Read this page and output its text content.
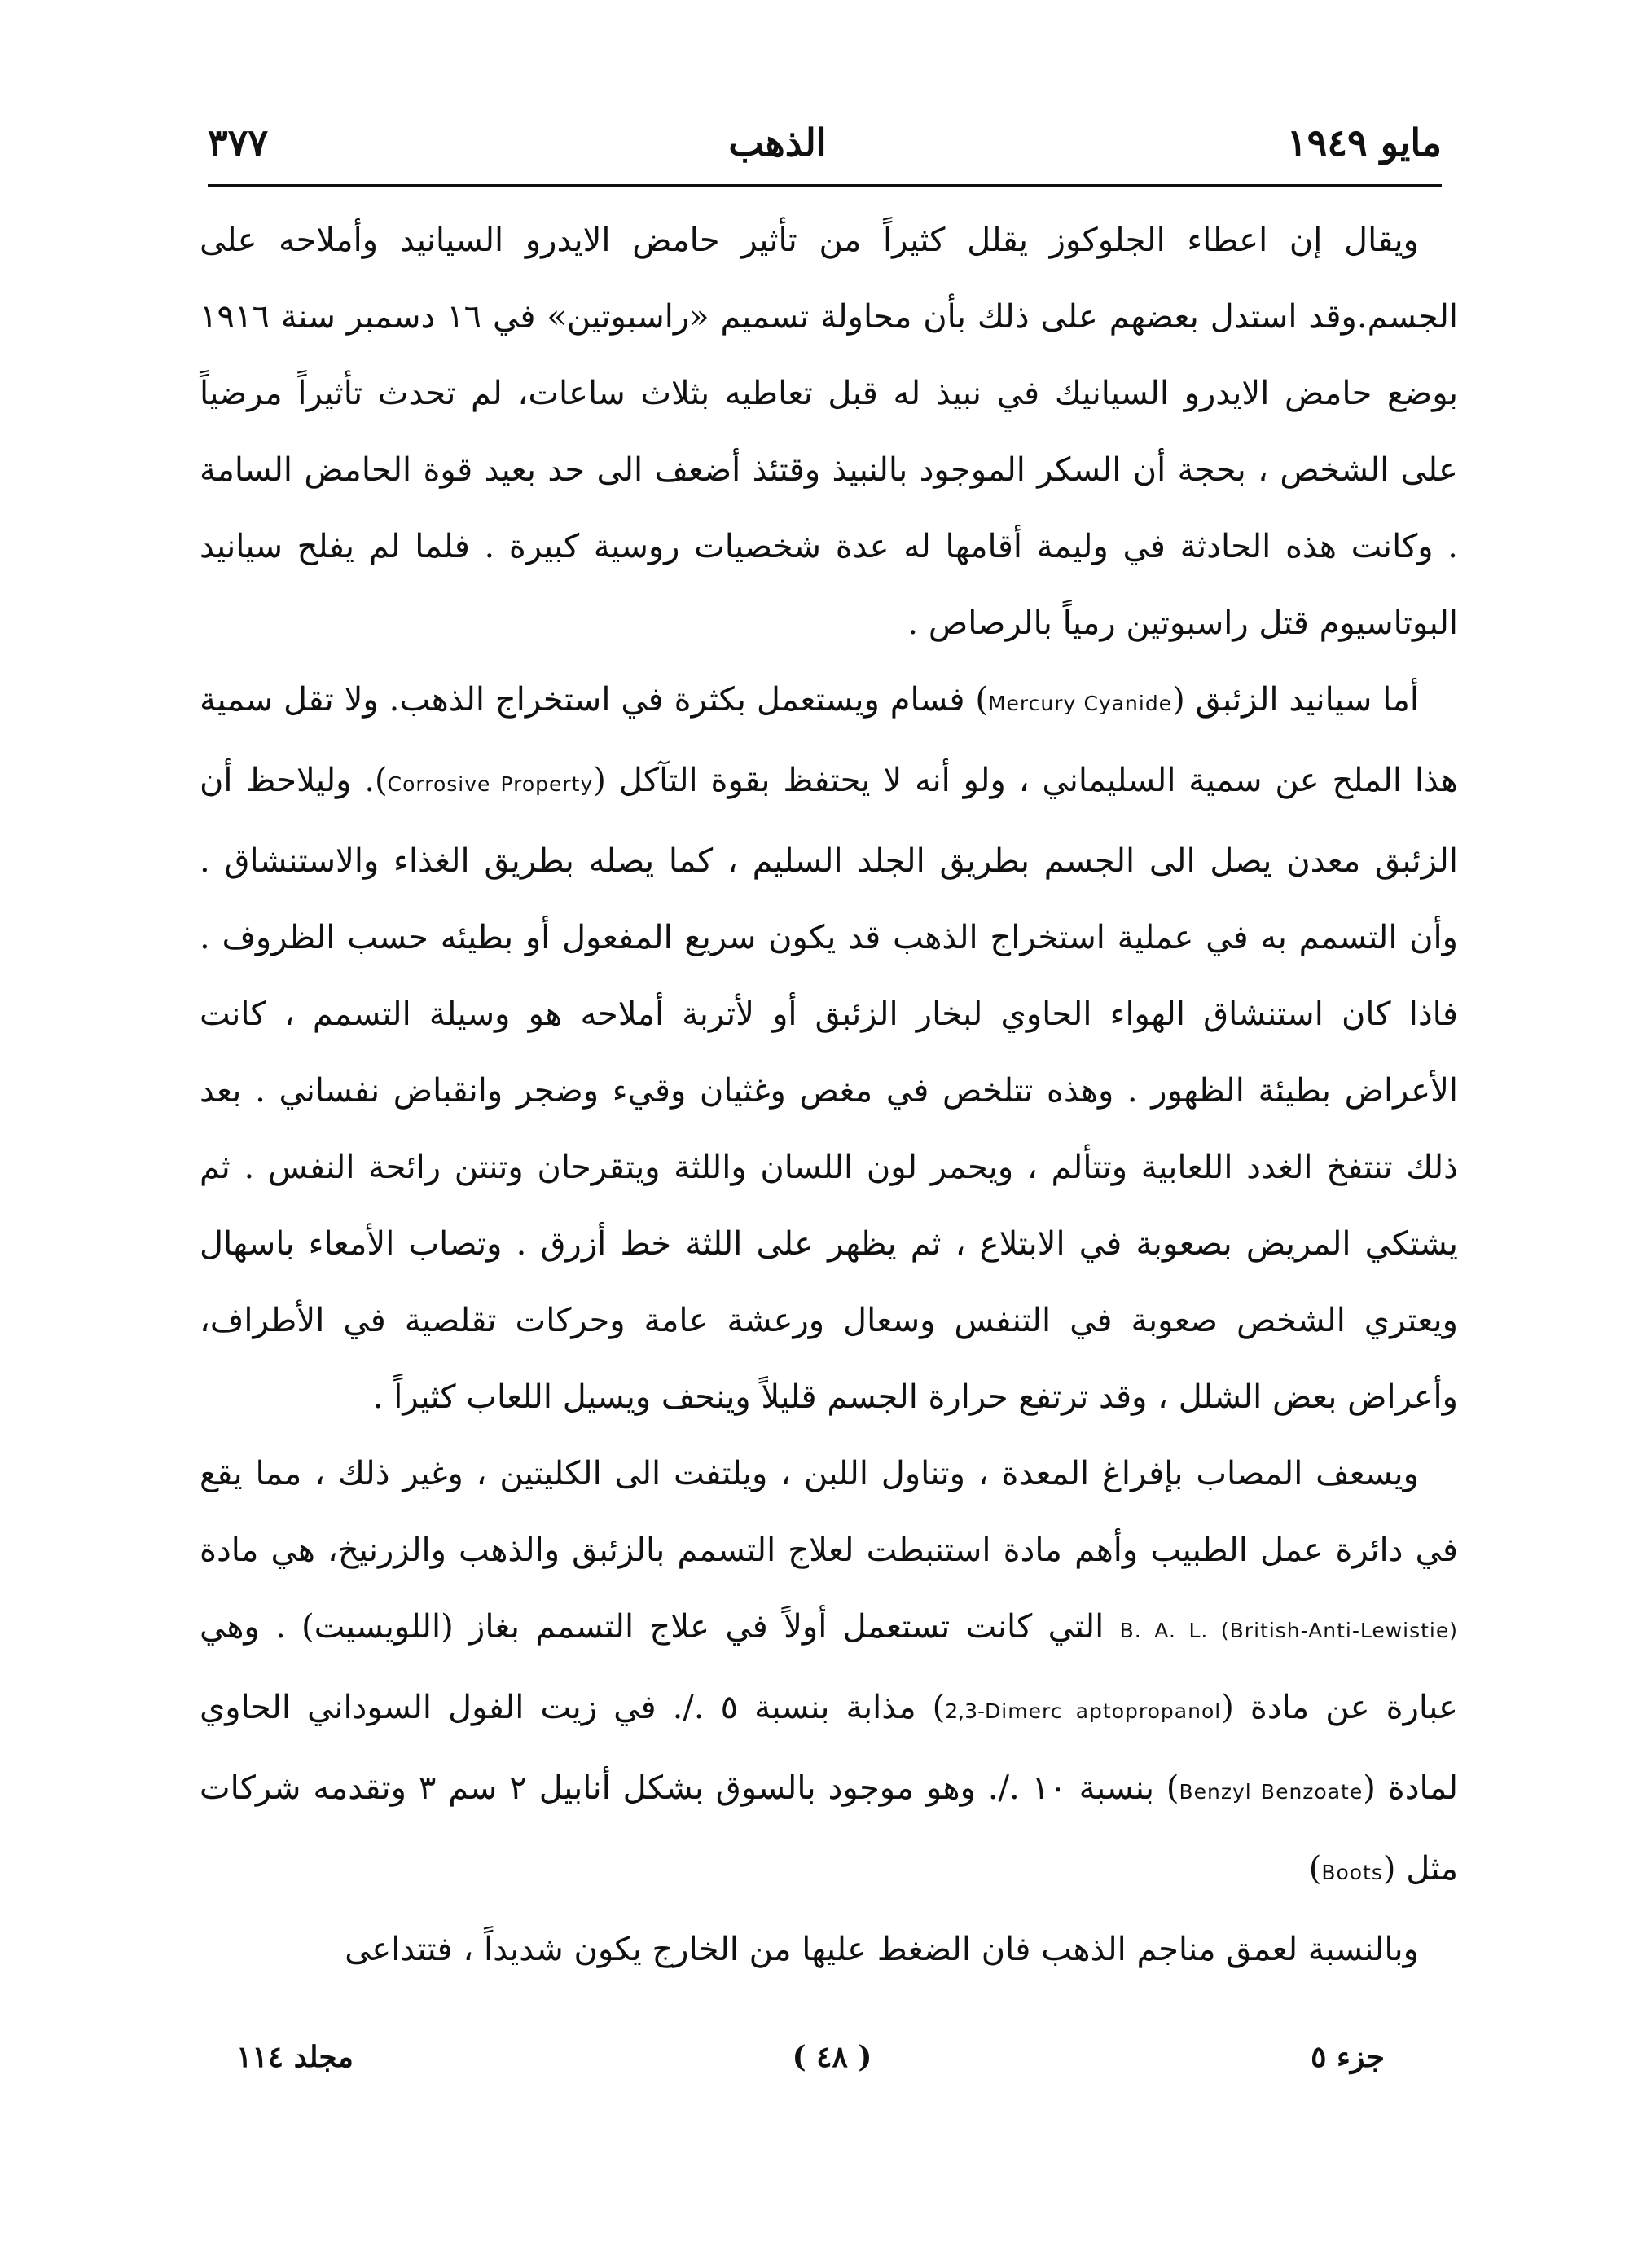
مايو ١٩٤٩
الذهب
٣٧٧

ويقال إن اعطاء الجلوكوز يقلل كثيراً من تأثير حامض الايدرو السيانيد وأملاحه على الجسم.وقد استدل بعضهم على ذلك بأن محاولة تسميم «راسبوتين» في ١٦ دسمبر سنة ١٩١٦ بوضع حامض الايدرو السيانيك في نبيذ له قبل تعاطيه بثلاث ساعات، لم تحدث تأثيراً مرضياً على الشخص ، بحجة أن السكر الموجود بالنبيذ وقتئذ أضعف الى حد بعيد قوة الحامض السامة . وكانت هذه الحادثة في وليمة أقامها له عدة شخصيات روسية كبيرة . فلما لم يفلح سيانيد البوتاسيوم قتل راسبوتين رمياً بالرصاص .

أما سيانيد الزئبق (Mercury Cyanide) فسام ويستعمل بكثرة في استخراج الذهب. ولا تقل سمية هذا الملح عن سمية السليماني ، ولو أنه لا يحتفظ بقوة التآكل (Corrosive Property). وليلاحظ أن الزئبق معدن يصل الى الجسم بطريق الجلد السليم ، كما يصله بطريق الغذاء والاستنشاق . وأن التسمم به في عملية استخراج الذهب قد يكون سريع المفعول أو بطيئه حسب الظروف . فاذا كان استنشاق الهواء الحاوي لبخار الزئبق أو لأتربة أملاحه هو وسيلة التسمم ، كانت الأعراض بطيئة الظهور . وهذه تتلخص في مغص وغثيان وقيء وضجر وانقباض نفساني . بعد ذلك تنتفخ الغدد اللعابية وتتألم ، ويحمر لون اللسان واللثة ويتقرحان وتنتن رائحة النفس . ثم يشتكي المريض بصعوبة في الابتلاع ، ثم يظهر على اللثة خط أزرق . وتصاب الأمعاء باسهال ويعتري الشخص صعوبة في التنفس وسعال ورعشة عامة وحركات تقلصية في الأطراف، وأعراض بعض الشلل ، وقد ترتفع حرارة الجسم قليلاً وينحف ويسيل اللعاب كثيراً .

ويسعف المصاب بإفراغ المعدة ، وتناول اللبن ، ويلتفت الى الكليتين ، وغير ذلك ، مما يقع في دائرة عمل الطبيب وأهم مادة استنبطت لعلاج التسمم بالزئبق والذهب والزرنيخ، هي مادة B. A. L. (British-Anti-Lewistie) التي كانت تستعمل أولاً في علاج التسمم بغاز (اللويسيت) . وهي عبارة عن مادة (2,3-Dimerc aptopropanol) مذابة بنسبة ٥ ./. في زيت الفول السوداني الحاوي لمادة (Benzyl Benzoate) بنسبة ١٠ ./. وهو موجود بالسوق بشكل أنابيل ٢ سم ٣ وتقدمه شركات مثل (Boots)

وبالنسبة لعمق مناجم الذهب فان الضغط عليها من الخارج يكون شديداً ، فتتداعى

جزء ٥
( ٤٨ )
مجلد ١١٤
